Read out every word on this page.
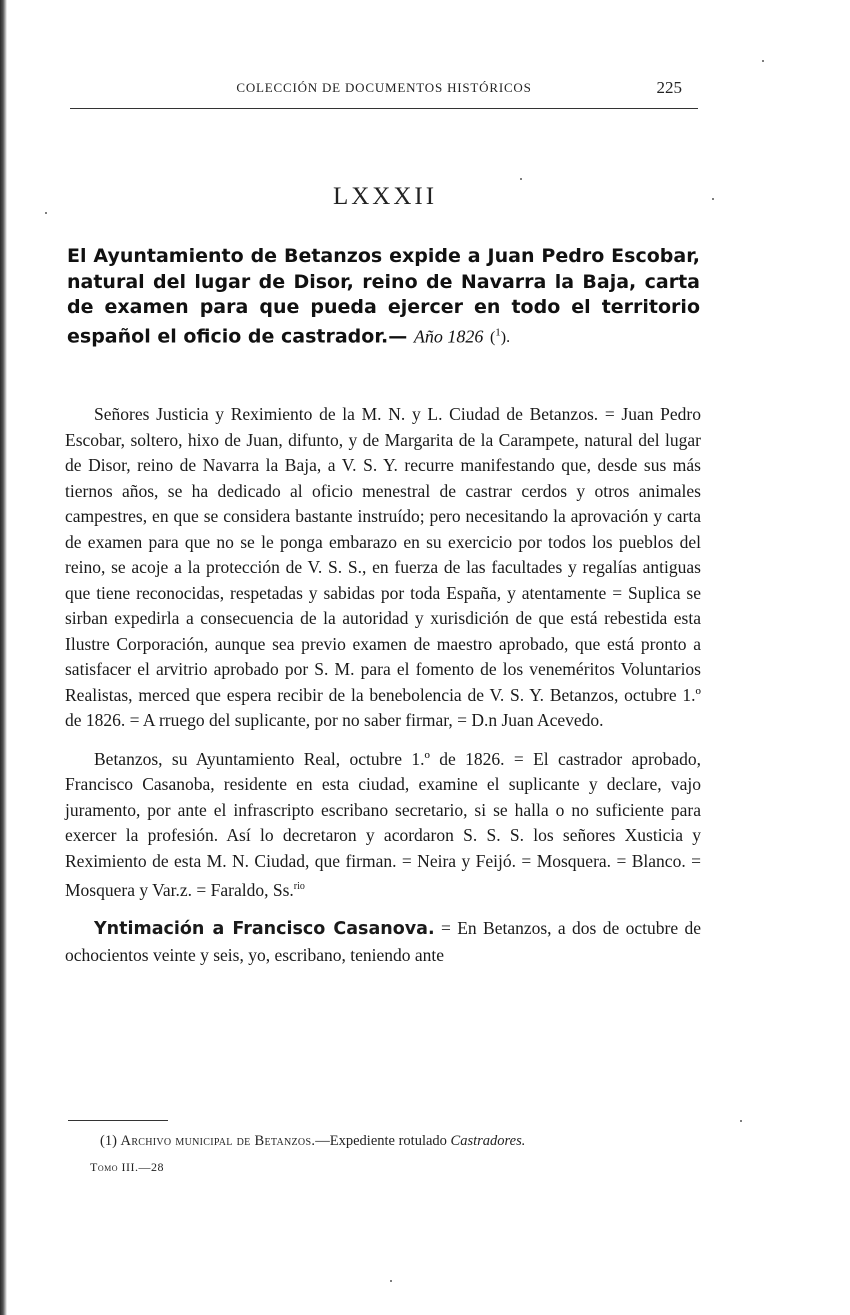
COLECCIÓN DE DOCUMENTOS HISTÓRICOS	225
LXXXII
El Ayuntamiento de Betanzos expide a Juan Pedro Escobar, natural del lugar de Disor, reino de Navarra la Baja, carta de examen para que pueda ejercer en todo el territorio español el oficio de castrador.— Año 1826 ($^1$).

Señores Justicia y Reximiento de la M. N. y L. Ciudad de Betanzos. = Juan Pedro Escobar, soltero, hixo de Juan, difunto, y de Margarita de la Carampete, natural del lugar de Disor, reino de Navarra la Baja, a V. S. Y. recurre manifestando que, desde sus más tiernos años, se ha dedicado al oficio menestral de castrar cerdos y otros animales campestres, en que se considera bastante instruído; pero necesitando la aprovación y carta de examen para que no se le ponga embarazo en su exercicio por todos los pueblos del reino, se acoje a la protección de V. S. S., en fuerza de las facultades y regalías antiguas que tiene reconocidas, respetadas y sabidas por toda España, y atentamente = Suplica se sirban expedirla a consecuencia de la autoridad y xurisdición de que está rebestida esta Ilustre Corporación, aunque sea previo examen de maestro aprobado, que está pronto a satisfacer el arvitrio aprobado por S. M. para el fomento de los veneméritos Voluntarios Realistas, merced que espera recibir de la benebolencia de V. S. Y. Betanzos, octubre 1.º de 1826. = A rruego del suplicante, por no saber firmar, = D.n Juan Acevedo.

Betanzos, su Ayuntamiento Real, octubre 1.º de 1826. = El castrador aprobado, Francisco Casanoba, residente en esta ciudad, examine el suplicante y declare, vajo juramento, por ante el infrascripto escribano secretario, si se halla o no suficiente para exercer la profesión. Así lo decretaron y acordaron S. S. S. los señores Xusticia y Reximiento de esta M. N. Ciudad, que firman. = Neira y Feijó. = Mosquera. = Blanco. = Mosquera y Var.z. = Faraldo, Ss.$^{rio}$

Yntimación a Francisco Casanova. = En Betanzos, a dos de octubre de ochocientos veinte y seis, yo, escribano, teniendo ante

(1) Archivo municipal de Betanzos.—Expediente rotulado Castradores.
Tomo III.—28
